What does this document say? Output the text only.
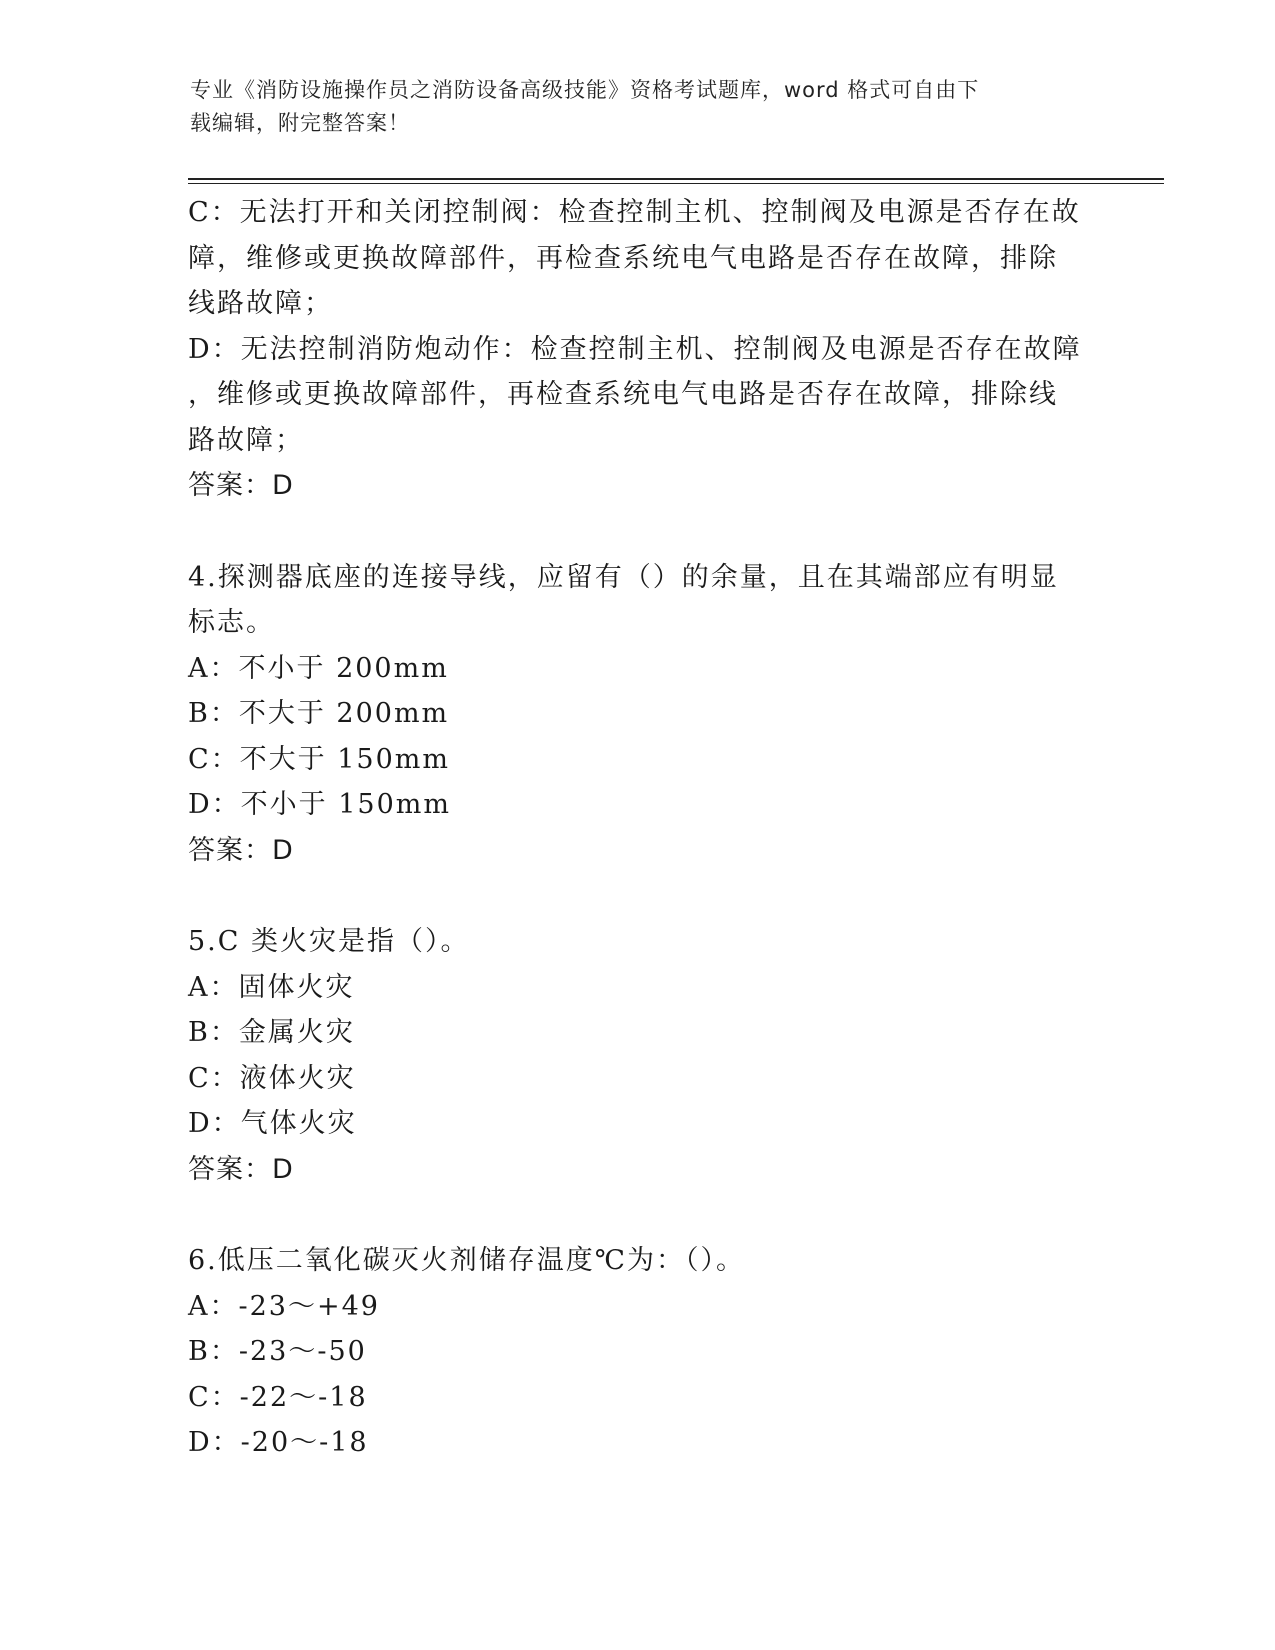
专业《消防设施操作员之消防设备高级技能》资格考试题库，word 格式可自由下
载编辑，附完整答案！
C：无法打开和关闭控制阀：检查控制主机、控制阀及电源是否存在故
障，维修或更换故障部件，再检查系统电气电路是否存在故障，排除
线路故障；
D：无法控制消防炮动作：检查控制主机、控制阀及电源是否存在故障
，维修或更换故障部件，再检查系统电气电路是否存在故障，排除线
路故障；
答案：D
4.探测器底座的连接导线，应留有（）的余量，且在其端部应有明显
标志。
A：不小于 200mm
B：不大于 200mm
C：不大于 150mm
D：不小于 150mm
答案：D
5.C 类火灾是指（）。
A：固体火灾
B：金属火灾
C：液体火灾
D：气体火灾
答案：D
6.低压二氧化碳灭火剂储存温度℃为：（）。
A：-23～+49
B：-23～-50
C：-22～-18
D：-20～-18
